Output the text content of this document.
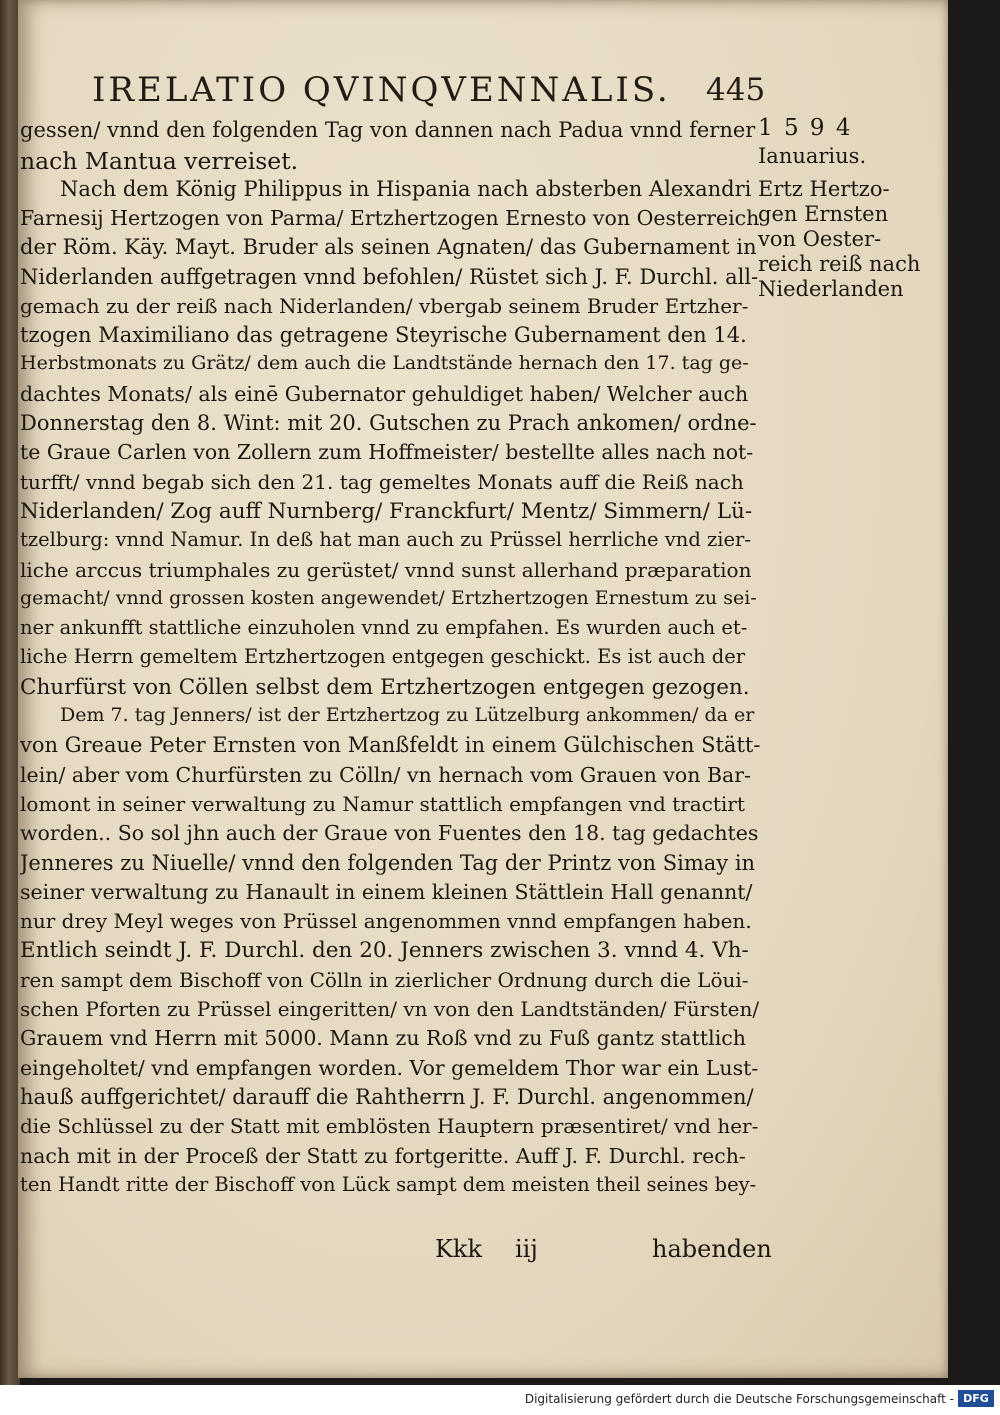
IRELATIO QVINQVENNALIS. 445
gessen/ vnnd den folgenden Tag von dannen nach Padua vnnd ferner
nach Mantua verreiset.
Nach dem König Philippus in Hispania nach absterben Alexandri
Farnesij Hertzogen von Parma/ Ertzhertzogen Ernesto von Oesterreich
der Röm. Käy. Mayt. Bruder als seinen Agnaten/ das Gubernament in
Niderlanden auffgetragen vnnd befohlen/ Rüstet sich J. F. Durchl. all-
gemach zu der reiß nach Niderlanden/ vbergab seinem Bruder Ertzher-
tzogen Maximiliano das getragene Steyrische Gubernament den 14.
Herbstmonats zu Grätz/ dem auch die Landtstände hernach den 17. tag ge-
dachtes Monats/ als einē Gubernator gehuldiget haben/ Welcher auch
Donnerstag den 8. Wint: mit 20. Gutschen zu Prach ankomen/ ordne-
te Graue Carlen von Zollern zum Hoffmeister/ bestellte alles nach not-
turfft/ vnnd begab sich den 21. tag gemeltes Monats auff die Reiß nach
Niderlanden/ Zog auff Nurnberg/ Franckfurt/ Mentz/ Simmern/ Lü-
tzelburg: vnnd Namur. In deß hat man auch zu Prüssel herrliche vnd zier-
liche arccus triumphales zu gerüstet/ vnnd sunst allerhand præparation
gemacht/ vnnd grossen kosten angewendet/ Ertzhertzogen Ernestum zu sei-
ner ankunfft stattliche einzuholen vnnd zu empfahen. Es wurden auch et-
liche Herrn gemeltem Ertzhertzogen entgegen geschickt. Es ist auch der
Churfürst von Cöllen selbst dem Ertzhertzogen entgegen gezogen.
Dem 7. tag Jenners/ ist der Ertzhertzog zu Lützelburg ankommen/ da er
von Greaue Peter Ernsten von Manßfeldt in einem Gülchischen Stätt-
lein/ aber vom Churfürsten zu Cölln/ vn hernach vom Grauen von Bar-
lomont in seiner verwaltung zu Namur stattlich empfangen vnd tractirt
worden.. So sol jhn auch der Graue von Fuentes den 18. tag gedachtes
Jenneres zu Niuelle/ vnnd den folgenden Tag der Printz von Simay in
seiner verwaltung zu Hanault in einem kleinen Stättlein Hall genannt/
nur drey Meyl weges von Prüssel angenommen vnnd empfangen haben.
Entlich seindt J. F. Durchl. den 20. Jenners zwischen 3. vnnd 4. Vh-
ren sampt dem Bischoff von Cölln in zierlicher Ordnung durch die Löui-
schen Pforten zu Prüssel eingeritten/ vn von den Landtständen/ Fürsten/
Grauem vnd Herrn mit 5000. Mann zu Roß vnd zu Fuß gantz stattlich
eingeholtet/ vnd empfangen worden. Vor gemeldem Thor war ein Lust-
hauß auffgerichtet/ darauff die Rahtherrn J. F. Durchl. angenommen/
die Schlüssel zu der Statt mit emblösten Hauptern præsentiret/ vnd her-
nach mit in der Proceß der Statt zu fortgeritte. Auff J. F. Durchl. rech-
ten Handt ritte der Bischoff von Lück sampt dem meisten theil seines bey-
1 5 9 4
Ianuarius.
Ertz Hertzo-
gen Ernsten
von Oester-
reich reiß nach
Niederlanden
Kkk iij	habenden
Digitalisierung gefördert durch die Deutsche Forschungsgemeinschaft - DFG
